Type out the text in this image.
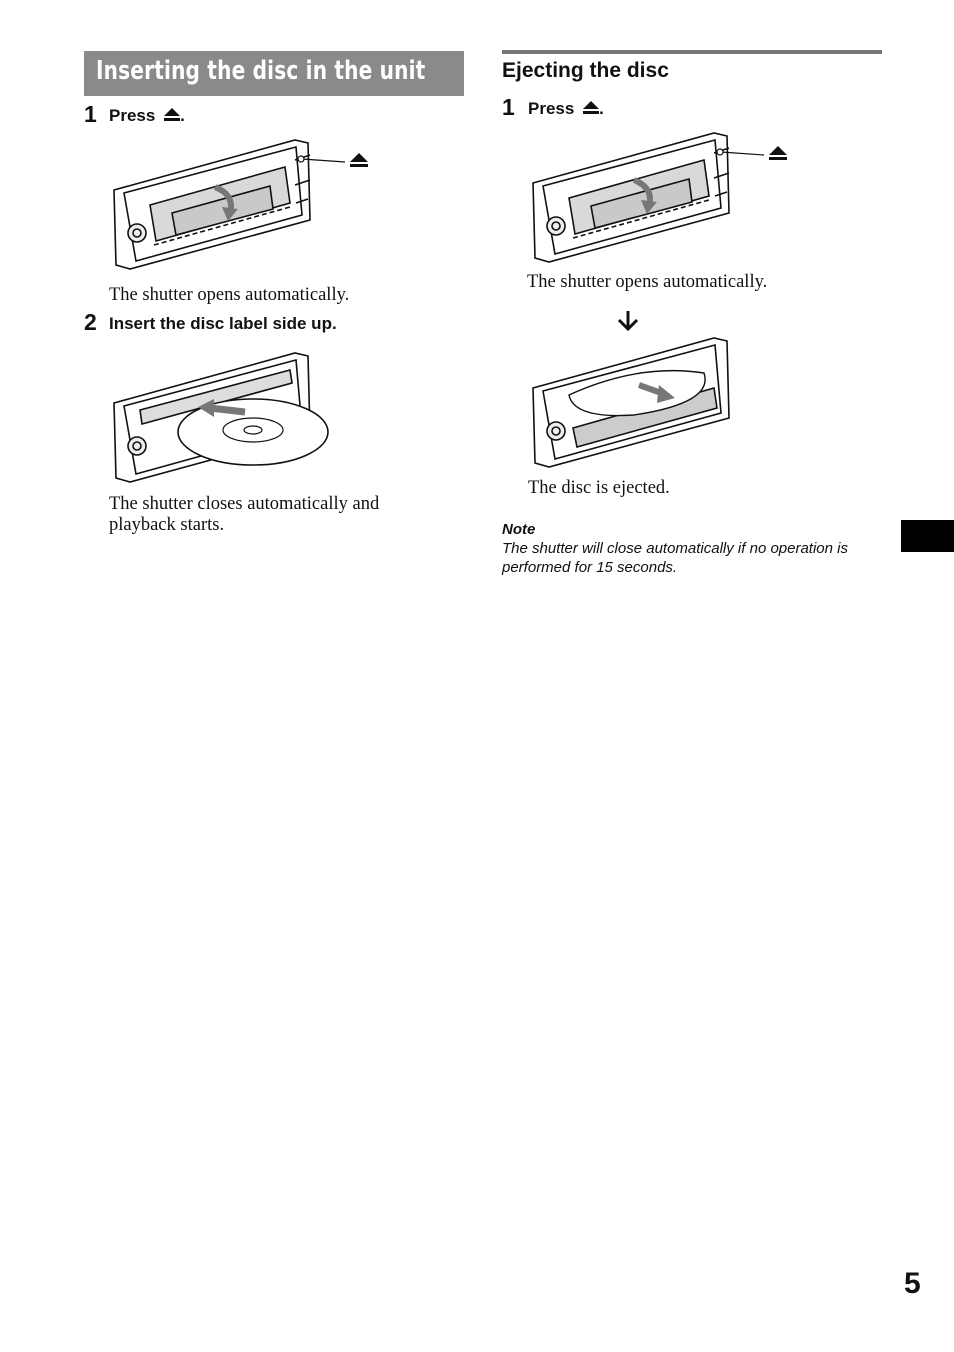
Inserting the disc in the unit
1 Press .
The shutter opens automatically.
2 Insert the disc label side up.
The shutter closes automatically and
playback starts.
Ejecting the disc
1 Press .
The shutter opens automatically.
The disc is ejected.
Note
The shutter will close automatically if no operation is
performed for 15 seconds.
5
